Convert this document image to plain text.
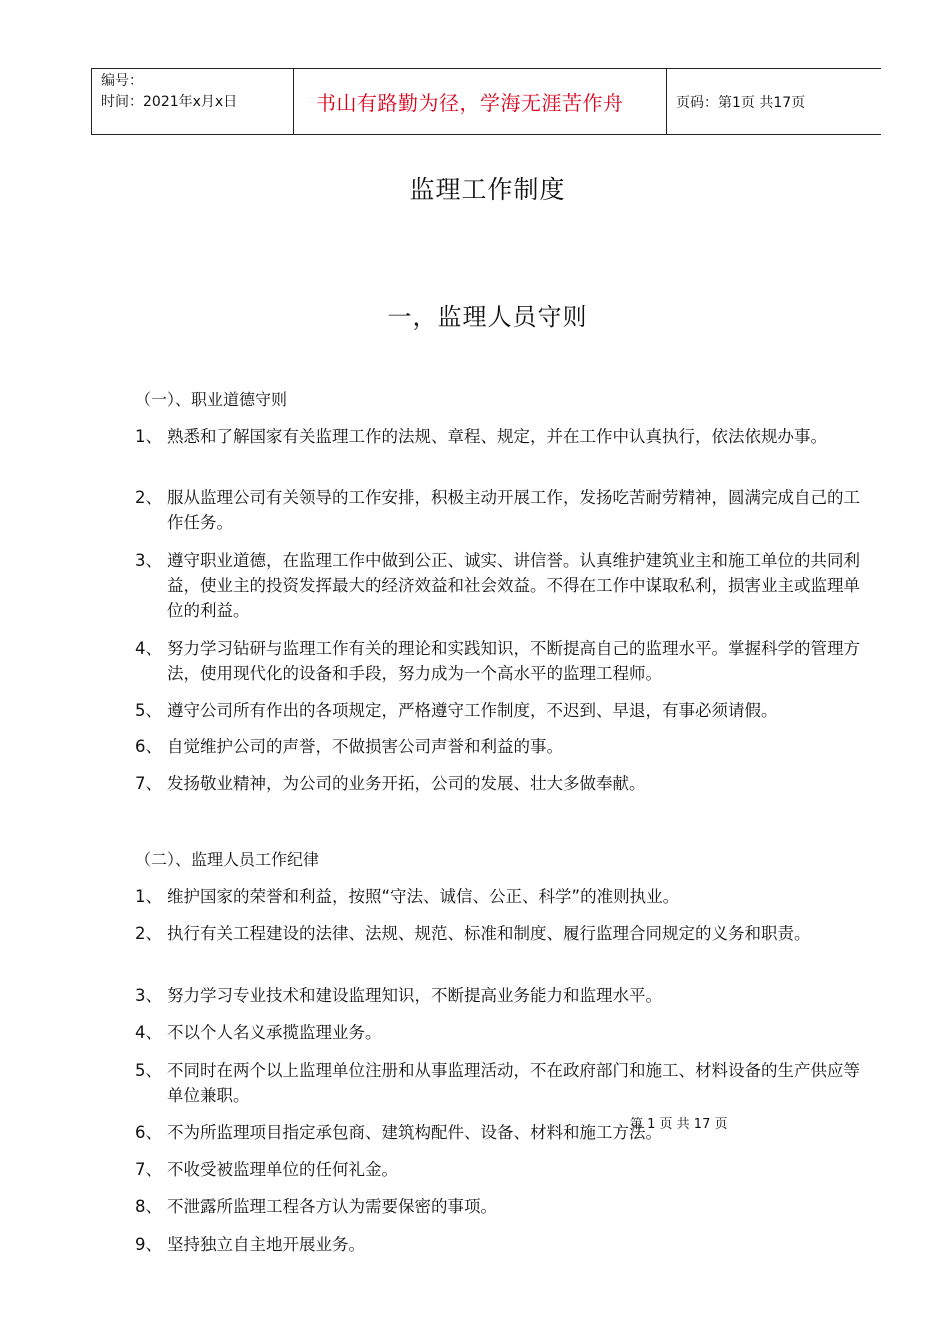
编号：
时间：2021年x月x日	书山有路勤为径，学海无涯苦作舟	页码：第1页 共17页
监理工作制度
一，监理人员守则
（一）、职业道德守则
1、 熟悉和了解国家有关监理工作的法规、章程、规定，并在工作中认真执行，依法依规办事。
2、 服从监理公司有关领导的工作安排，积极主动开展工作，发扬吃苦耐劳精神，圆满完成自己的工作任务。
3、 遵守职业道德，在监理工作中做到公正、诚实、讲信誉。认真维护建筑业主和施工单位的共同利益，使业主的投资发挥最大的经济效益和社会效益。不得在工作中谋取私利，损害业主或监理单位的利益。
4、 努力学习钻研与监理工作有关的理论和实践知识，不断提高自己的监理水平。掌握科学的管理方法，使用现代化的设备和手段，努力成为一个高水平的监理工程师。
5、 遵守公司所有作出的各项规定，严格遵守工作制度，不迟到、早退，有事必须请假。
6、 自觉维护公司的声誉，不做损害公司声誉和利益的事。
7、 发扬敬业精神，为公司的业务开拓，公司的发展、壮大多做奉献。
（二）、监理人员工作纪律
1、 维护国家的荣誉和利益，按照“守法、诚信、公正、科学”的准则执业。
2、 执行有关工程建设的法律、法规、规范、标准和制度、履行监理合同规定的义务和职责。
3、 努力学习专业技术和建设监理知识，不断提高业务能力和监理水平。
4、 不以个人名义承揽监理业务。
5、 不同时在两个以上监理单位注册和从事监理活动，不在政府部门和施工、材料设备的生产供应等单位兼职。
6、 不为所监理项目指定承包商、建筑构配件、设备、材料和施工方法。
7、 不收受被监理单位的任何礼金。
8、 不泄露所监理工程各方认为需要保密的事项。
9、 坚持独立自主地开展业务。
第 1 页 共 17 页
